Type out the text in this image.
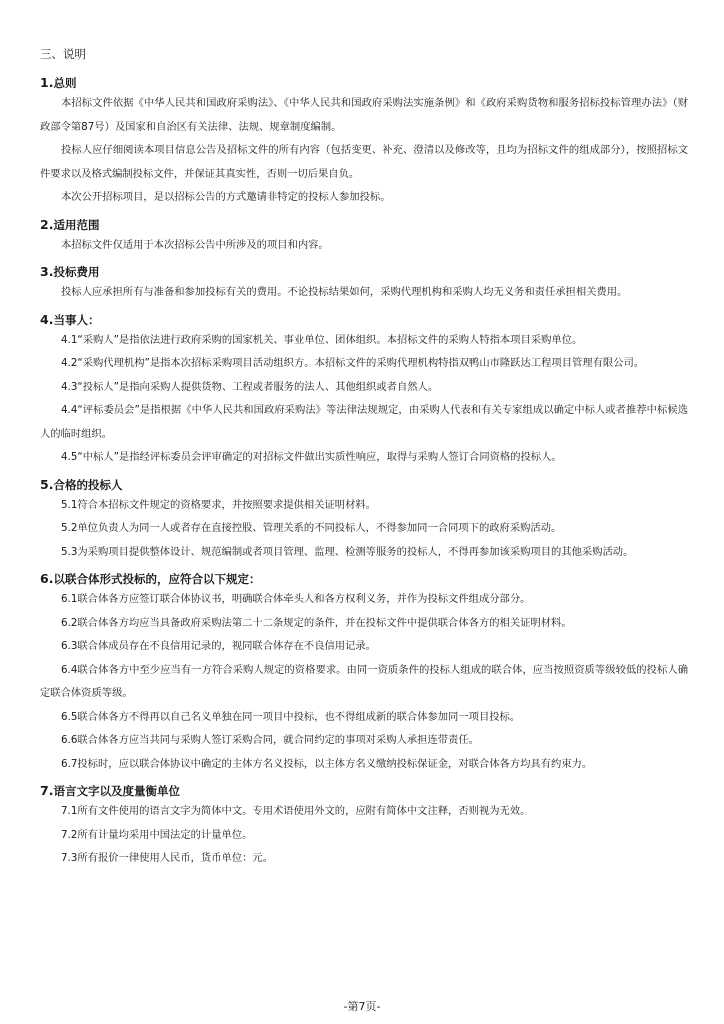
三、说明
1.总则

本招标文件依据《中华人民共和国政府采购法》、《中华人民共和国政府采购法实施条例》和《政府采购货物和服务招标投标管理办法》（财政部令第87号）及国家和自治区有关法律、法规、规章制度编制。

投标人应仔细阅读本项目信息公告及招标文件的所有内容（包括变更、补充、澄清以及修改等，且均为招标文件的组成部分），按照招标文件要求以及格式编制投标文件，并保证其真实性，否则一切后果自负。

本次公开招标项目，是以招标公告的方式邀请非特定的投标人参加投标。

2.适用范围

本招标文件仅适用于本次招标公告中所涉及的项目和内容。

3.投标费用

投标人应承担所有与准备和参加投标有关的费用。不论投标结果如何，采购代理机构和采购人均无义务和责任承担相关费用。

4.当事人：

4.1“采购人”是指依法进行政府采购的国家机关、事业单位、团体组织。本招标文件的采购人特指本项目采购单位。

4.2“采购代理机构”是指本次招标采购项目活动组织方。本招标文件的采购代理机构特指双鸭山市隆跃达工程项目管理有限公司。

4.3“投标人”是指向采购人提供货物、工程或者服务的法人、其他组织或者自然人。

4.4“评标委员会”是指根据《中华人民共和国政府采购法》等法律法规规定，由采购人代表和有关专家组成以确定中标人或者推荐中标候选人的临时组织。

4.5“中标人”是指经评标委员会评审确定的对招标文件做出实质性响应，取得与采购人签订合同资格的投标人。

5.合格的投标人

5.1符合本招标文件规定的资格要求，并按照要求提供相关证明材料。

5.2单位负责人为同一人或者存在直接控股、管理关系的不同投标人，不得参加同一合同项下的政府采购活动。

5.3为采购项目提供整体设计、规范编制或者项目管理、监理、检测等服务的投标人，不得再参加该采购项目的其他采购活动。

6.以联合体形式投标的，应符合以下规定：

6.1联合体各方应签订联合体协议书，明确联合体牵头人和各方权利义务，并作为投标文件组成分部分。

6.2联合体各方均应当具备政府采购法第二十二条规定的条件，并在投标文件中提供联合体各方的相关证明材料。

6.3联合体成员存在不良信用记录的，视同联合体存在不良信用记录。

6.4联合体各方中至少应当有一方符合采购人规定的资格要求。由同一资质条件的投标人组成的联合体，应当按照资质等级较低的投标人确定联合体资质等级。

6.5联合体各方不得再以自己名义单独在同一项目中投标，也不得组成新的联合体参加同一项目投标。

6.6联合体各方应当共同与采购人签订采购合同，就合同约定的事项对采购人承担连带责任。

6.7投标时，应以联合体协议中确定的主体方名义投标，以主体方名义缴纳投标保证金，对联合体各方均具有约束力。

7.语言文字以及度量衡单位

7.1所有文件使用的语言文字为简体中文。专用术语使用外文的，应附有简体中文注释，否则视为无效。

7.2所有计量均采用中国法定的计量单位。

7.3所有报价一律使用人民币，货币单位：元。

-第7页-
